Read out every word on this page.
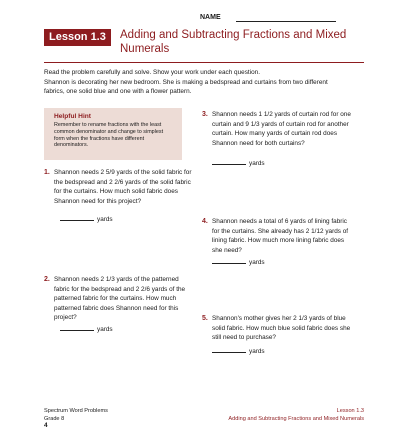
NAME
Lesson 1.3	Adding and Subtracting Fractions and Mixed Numerals
Read the problem carefully and solve. Show your work under each question.
Shannon is decorating her new bedroom. She is making a bedspread and curtains from two different fabrics, one solid blue and one with a flower pattern.
Helpful Hint
Remember to rename fractions with the least common denominator and change to simplest form when the fractions have different denominators.
1. Shannon needs 2 5/9 yards of the solid fabric for the bedspread and 2 2/6 yards of the solid fabric for the curtains. How much solid fabric does Shannon need for this project?
yards
2. Shannon needs 2 1/3 yards of the patterned fabric for the bedspread and 2 2/6 yards of the patterned fabric for the curtains. How much patterned fabric does Shannon need for this project?
yards
3. Shannon needs 1 1/2 yards of curtain rod for one curtain and 9 1/3 yards of curtain rod for another curtain. How many yards of curtain rod does Shannon need for both curtains?
yards
4. Shannon needs a total of 6 yards of lining fabric for the curtains. She already has 2 1/12 yards of lining fabric. How much more lining fabric does she need?
yards
5. Shannon's mother gives her 2 1/3 yards of blue solid fabric. How much blue solid fabric does she still need to purchase?
yards
Spectrum Word Problems
Grade 8
4
Lesson 1.3
Adding and Subtracting Fractions and Mixed Numerals
